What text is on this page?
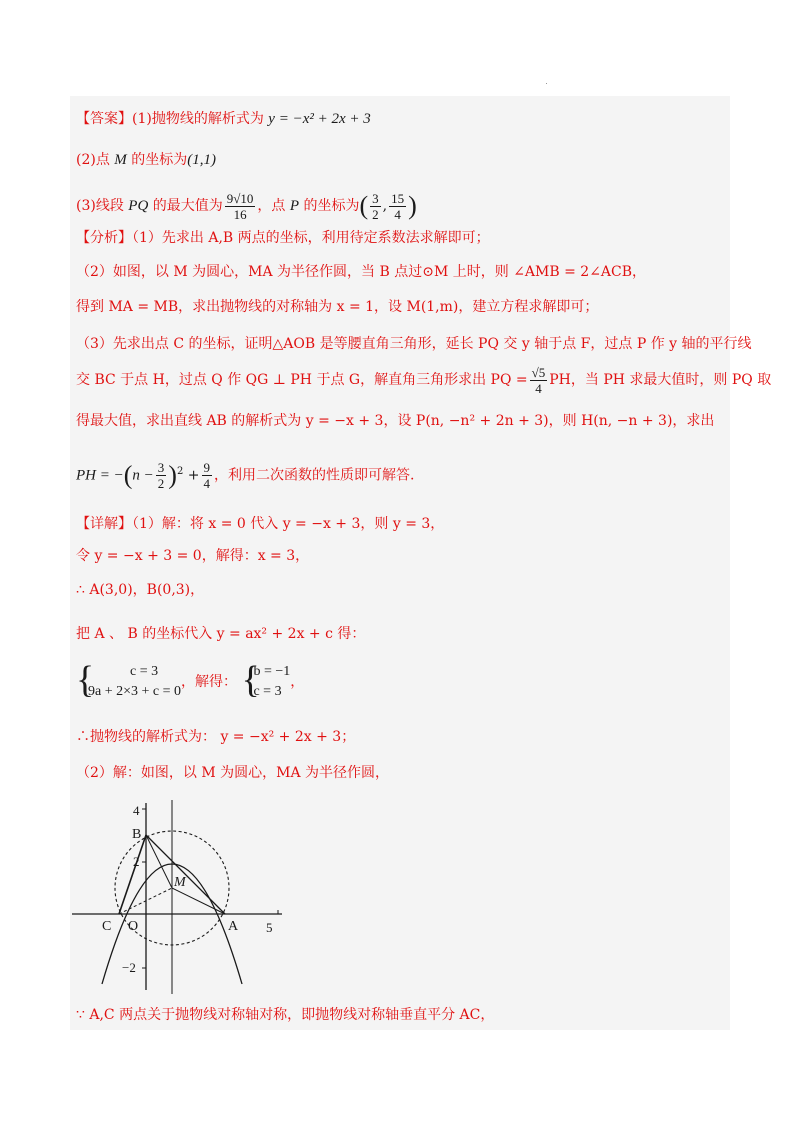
·
【答案】(1)抛物线的解析式为 y = −x² + 2x + 3
(2)点 M 的坐标为(1,1)
(3)线段 PQ 的最大值为 $\frac{9√10}{16}$ ，点 P 的坐标为( $\frac{3}{2}$ , $\frac{15}{4}$ )
【分析】（1）先求出 A,B 两点的坐标，利用待定系数法求解即可；
（2）如图，以 M 为圆心，MA 为半径作圆，当 B 点过⊙M 上时，则 ∠AMB = 2∠ACB，
得到 MA = MB，求出抛物线的对称轴为 x = 1，设 M(1,m)，建立方程求解即可；
（3）先求出点 C 的坐标，证明△AOB 是等腰直角三角形，延长 PQ 交 y 轴于点 F，过点 P 作 y 轴的平行线
交 BC 于点 H，过点 Q 作 QG ⊥ PH 于点 G，解直角三角形求出 PQ = $\frac{√5}{4}$ PH，当 PH 求最大值时，则 PQ 取
得最大值，求出直线 AB 的解析式为 y = −x + 3，设 P(n, −n² + 2n + 3)，则 H(n, −n + 3)，求出
PH = $-(n - \frac{3}{2} )^2 + \frac{9}{4}$ ，利用二次函数的性质即可解答.
【详解】（1）解：将 x = 0 代入 y = −x + 3，则 y = 3，
令 y = −x + 3 = 0，解得：x = 3，
∴ A(3,0)，B(0,3)，
把 A 、 B 的坐标代入 y = ax² + 2x + c 得：
{	c = 3
9a + 2×3 + c = 0
，解得： {
b = −1
c = 3
，
∴抛物线的解析式为： y = −x² + 2x + 3；
（2）解：如图，以 M 为圆心，MA 为半径作圆，
B
M
C O	A
4
2
−2
5
∵ A,C 两点关于抛物线对称轴对称，即抛物线对称轴垂直平分 AC，
